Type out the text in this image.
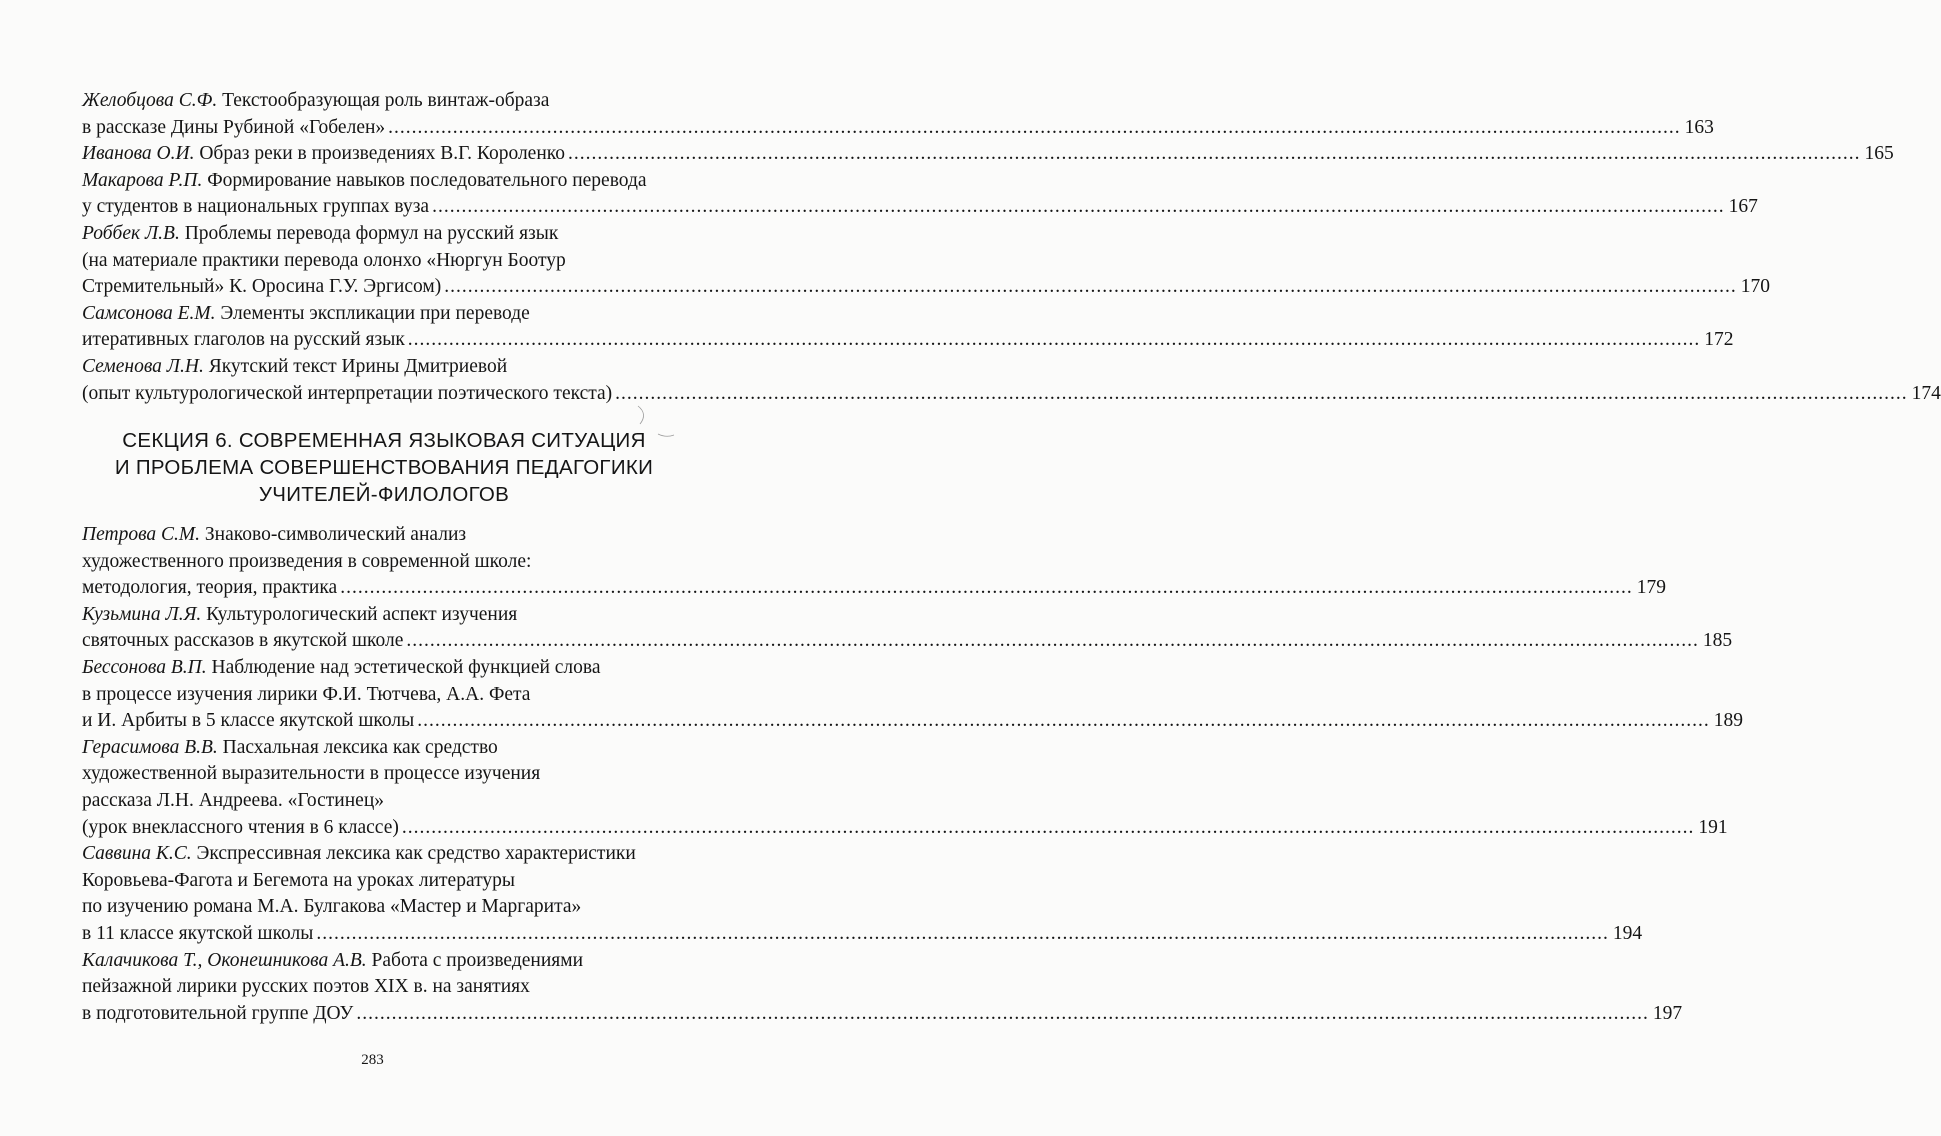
Желобцова С.Ф. Текстообразующая роль винтаж-образа
в рассказе Дины Рубиной «Гобелен» ............................................................................................................................................................................................................................ 163
Иванова О.И. Образ реки в произведениях В.Г. Короленко ............................................................................................................................................................................................................................ 165
Макарова Р.П. Формирование навыков последовательного перевода
у студентов в национальных группах вуза ............................................................................................................................................................................................................................ 167
Роббек Л.В. Проблемы перевода формул на русский язык
(на материале практики перевода олонхо «Нюргун Боотур
Стремительный» К. Оросина Г.У. Эргисом) ............................................................................................................................................................................................................................ 170
Самсонова Е.М. Элементы экспликации при переводе
итеративных глаголов на русский язык ............................................................................................................................................................................................................................ 172
Семенова Л.Н. Якутский текст Ирины Дмитриевой
(опыт культурологической интерпретации поэтического текста) ............................................................................................................................................................................................................................ 174
СЕКЦИЯ 6. СОВРЕМЕННАЯ ЯЗЫКОВАЯ СИТУАЦИЯ
И ПРОБЛЕМА СОВЕРШЕНСТВОВАНИЯ ПЕДАГОГИКИ
УЧИТЕЛЕЙ-ФИЛОЛОГОВ
Петрова С.М. Знаково-символический анализ
художественного произведения в современной школе:
методология, теория, практика ............................................................................................................................................................................................................................ 179
Кузьмина Л.Я. Культурологический аспект изучения
святочных рассказов в якутской школе ............................................................................................................................................................................................................................ 185
Бессонова В.П. Наблюдение над эстетической функцией слова
в процессе изучения лирики Ф.И. Тютчева, А.А. Фета
и И. Арбиты в 5 классе якутской школы ............................................................................................................................................................................................................................ 189
Герасимова В.В. Пасхальная лексика как средство
художественной выразительности в процессе изучения
рассказа Л.Н. Андреева. «Гостинец»
(урок внеклассного чтения в 6 классе) ............................................................................................................................................................................................................................ 191
Саввина К.С. Экспрессивная лексика как средство характеристики
Коровьева-Фагота и Бегемота на уроках литературы
по изучению романа М.А. Булгакова «Мастер и Маргарита»
в 11 классе якутской школы ............................................................................................................................................................................................................................ 194
Калачикова Т., Оконешникова А.В. Работа с произведениями
пейзажной лирики русских поэтов XIX в. на занятиях
в подготовительной группе ДОУ ............................................................................................................................................................................................................................ 197
283
